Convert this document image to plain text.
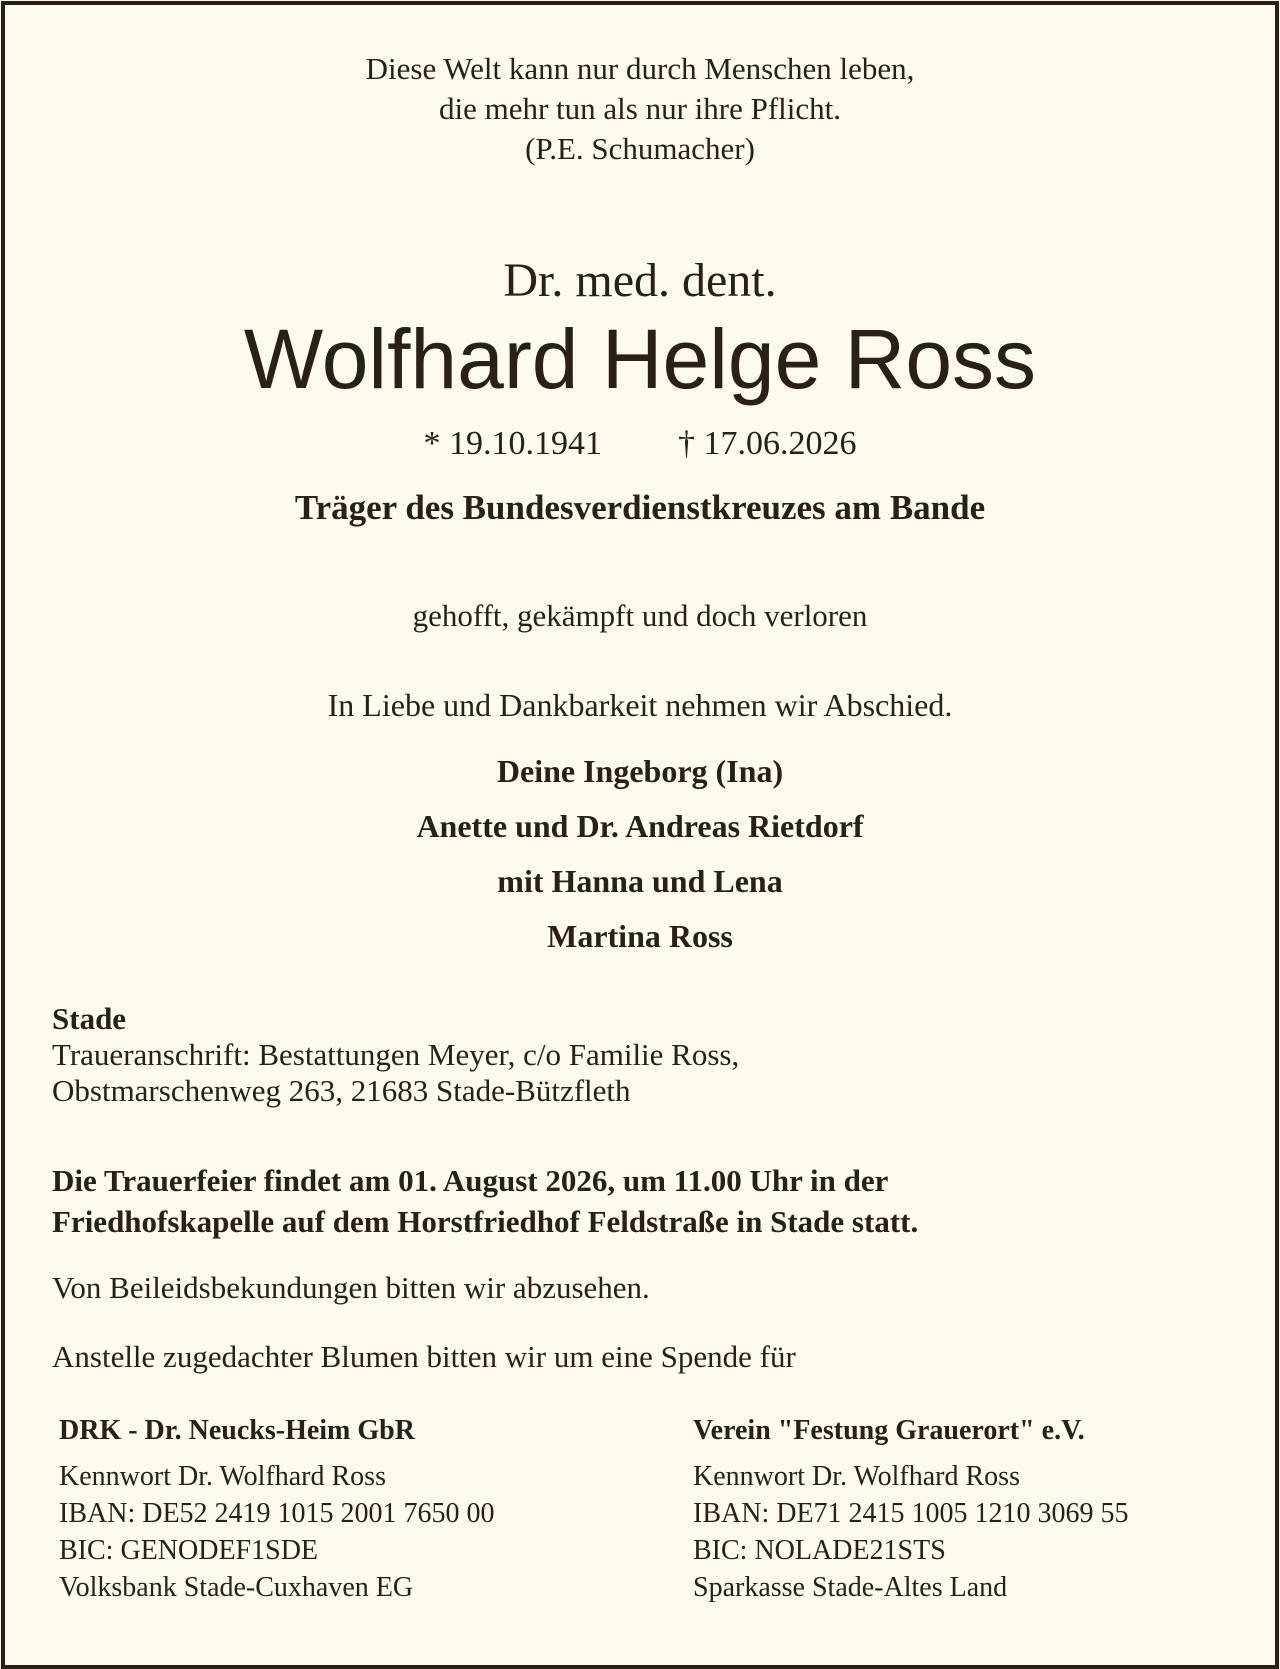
Diese Welt kann nur durch Menschen leben,
die mehr tun als nur ihre Pflicht.
(P.E. Schumacher)
Dr. med. dent.
Wolfhard Helge Ross
* 19.10.1941 † 17.06.2026
Träger des Bundesverdienstkreuzes am Bande
gehofft, gekämpft und doch verloren
In Liebe und Dankbarkeit nehmen wir Abschied.
Deine Ingeborg (Ina)
Anette und Dr. Andreas Rietdorf
mit Hanna und Lena
Martina Ross
Stade
Traueranschrift: Bestattungen Meyer, c/o Familie Ross,
Obstmarschenweg 263, 21683 Stade-Bützfleth
Die Trauerfeier findet am 01. August 2026, um 11.00 Uhr in der
Friedhofskapelle auf dem Horstfriedhof Feldstraße in Stade statt.
Von Beileidsbekundungen bitten wir abzusehen.
Anstelle zugedachter Blumen bitten wir um eine Spende für
DRK - Dr. Neucks-Heim GbR
Kennwort Dr. Wolfhard Ross
IBAN: DE52 2419 1015 2001 7650 00
BIC: GENODEF1SDE
Volksbank Stade-Cuxhaven EG
Verein "Festung Grauerort" e.V.
Kennwort Dr. Wolfhard Ross
IBAN: DE71 2415 1005 1210 3069 55
BIC: NOLADE21STS
Sparkasse Stade-Altes Land
